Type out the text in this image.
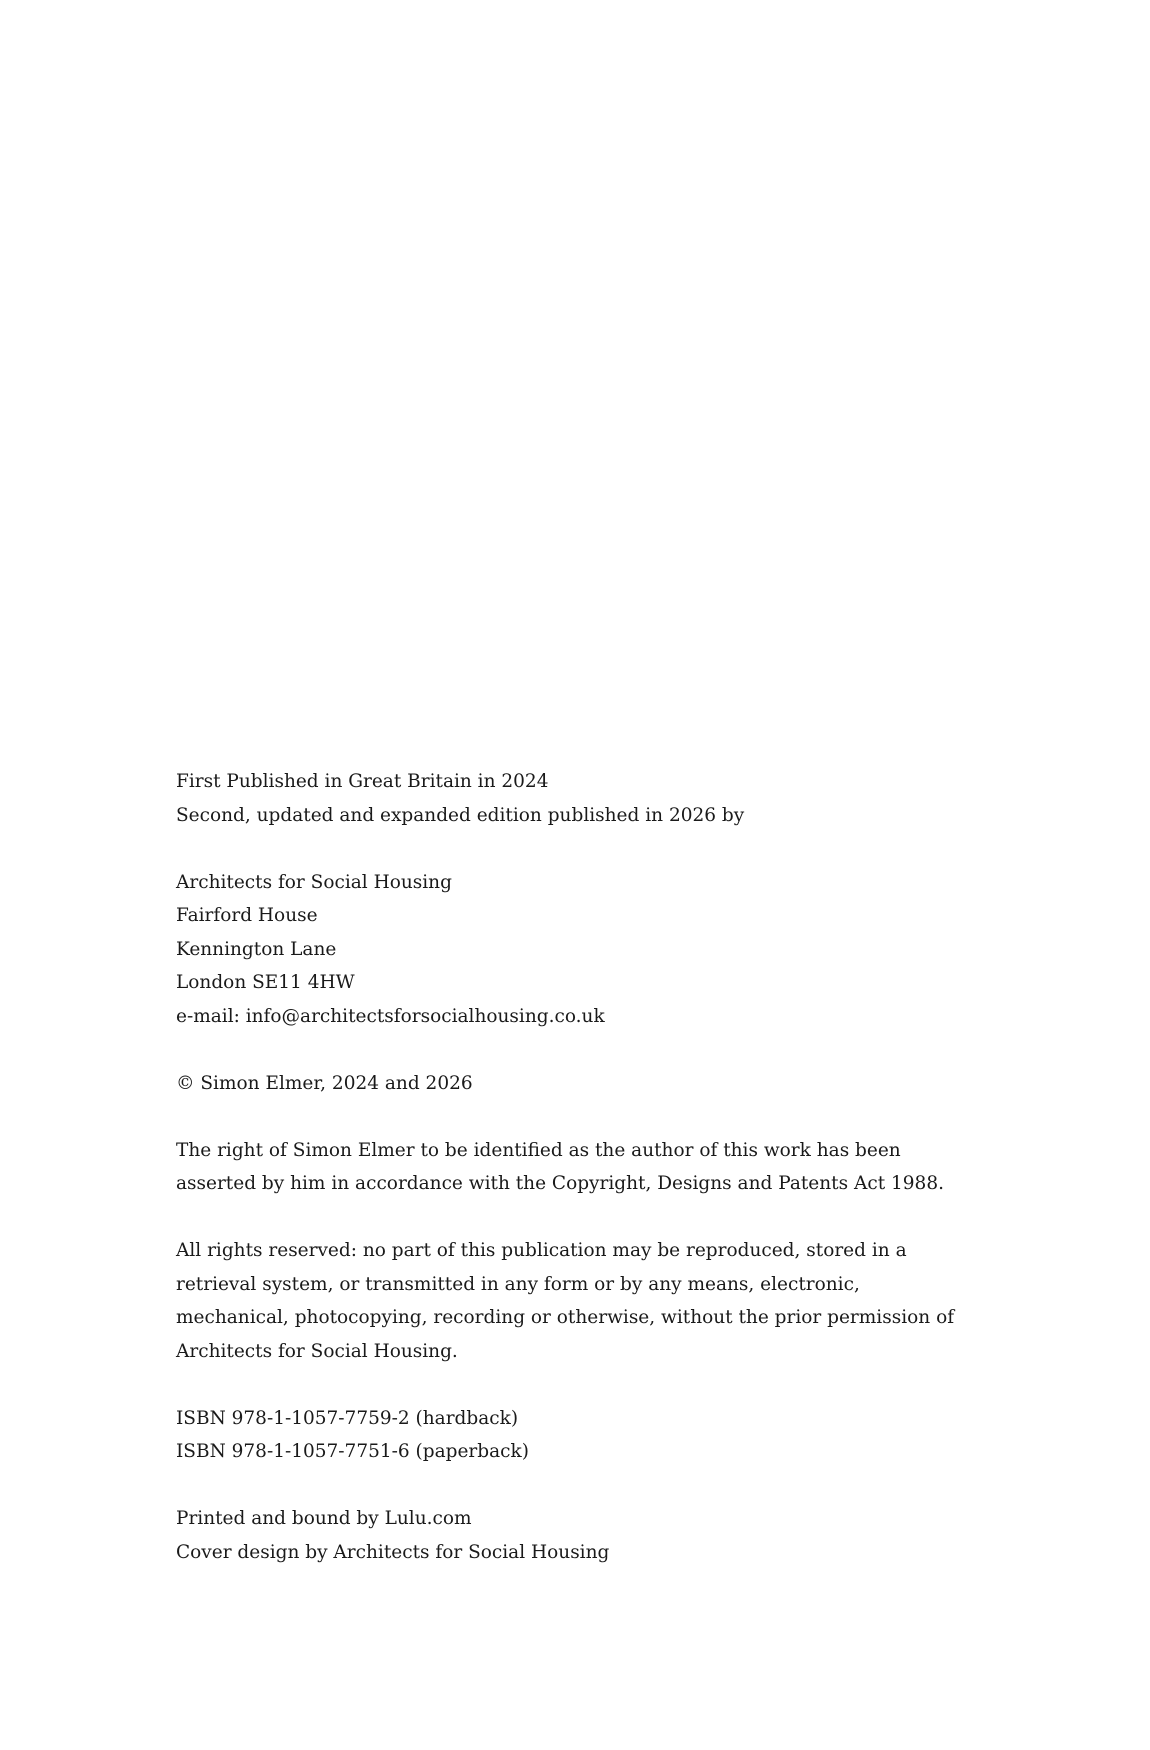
First Published in Great Britain in 2024
Second, updated and expanded edition published in 2026 by
Architects for Social Housing
Fairford House
Kennington Lane
London SE11 4HW
e-mail: info@architectsforsocialhousing.co.uk
© Simon Elmer, 2024 and 2026
The right of Simon Elmer to be identified as the author of this work has been
asserted by him in accordance with the Copyright, Designs and Patents Act 1988.
All rights reserved: no part of this publication may be reproduced, stored in a
retrieval system, or transmitted in any form or by any means, electronic,
mechanical, photocopying, recording or otherwise, without the prior permission of
Architects for Social Housing.
ISBN 978-1-1057-7759-2 (hardback)
ISBN 978-1-1057-7751-6 (paperback)
Printed and bound by Lulu.com
Cover design by Architects for Social Housing
